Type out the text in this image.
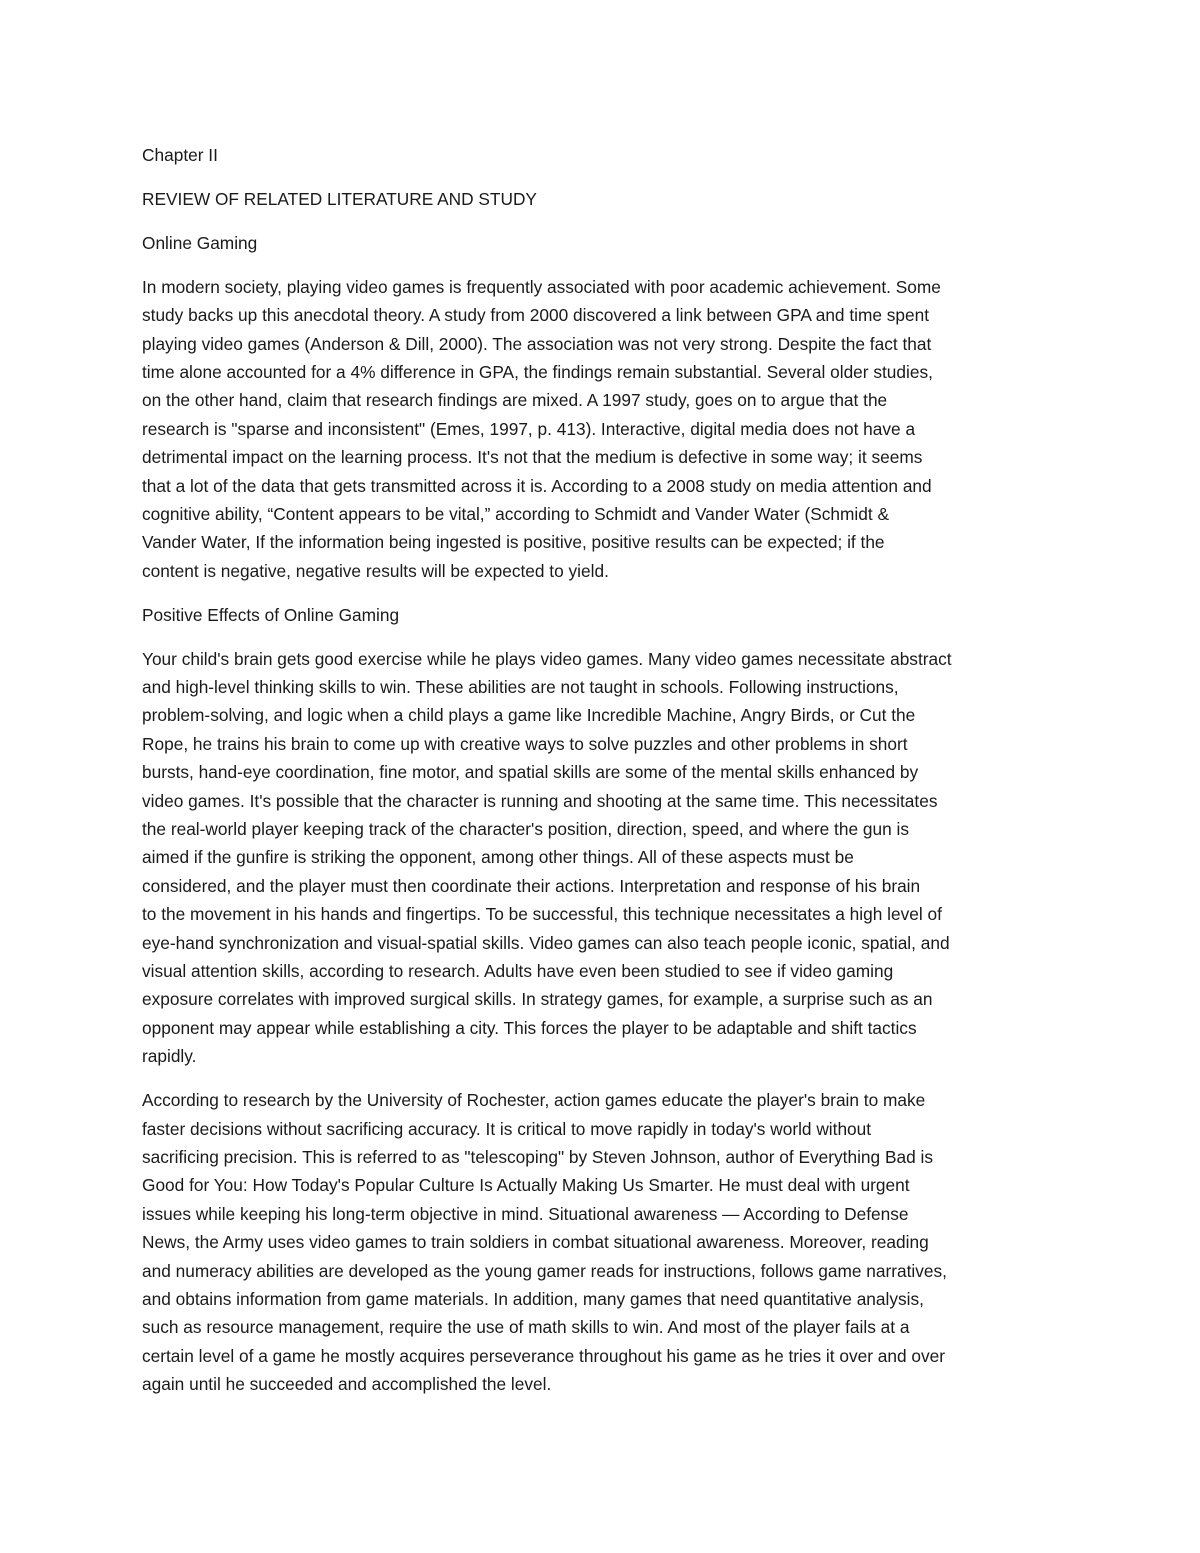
Chapter II
REVIEW OF RELATED LITERATURE AND STUDY
Online Gaming
In modern society, playing video games is frequently associated with poor academic achievement. Some
study backs up this anecdotal theory. A study from 2000 discovered a link between GPA and time spent
playing video games (Anderson & Dill, 2000). The association was not very strong. Despite the fact that
time alone accounted for a 4% difference in GPA, the findings remain substantial. Several older studies,
on the other hand, claim that research findings are mixed. A 1997 study, goes on to argue that the
research is "sparse and inconsistent" (Emes, 1997, p. 413). Interactive, digital media does not have a
detrimental impact on the learning process. It's not that the medium is defective in some way; it seems
that a lot of the data that gets transmitted across it is. According to a 2008 study on media attention and
cognitive ability, “Content appears to be vital,” according to Schmidt and Vander Water (Schmidt &
Vander Water, If the information being ingested is positive, positive results can be expected; if the
content is negative, negative results will be expected to yield.
Positive Effects of Online Gaming
Your child's brain gets good exercise while he plays video games. Many video games necessitate abstract
and high-level thinking skills to win. These abilities are not taught in schools. Following instructions,
problem-solving, and logic when a child plays a game like Incredible Machine, Angry Birds, or Cut the
Rope, he trains his brain to come up with creative ways to solve puzzles and other problems in short
bursts, hand-eye coordination, fine motor, and spatial skills are some of the mental skills enhanced by
video games. It's possible that the character is running and shooting at the same time. This necessitates
the real-world player keeping track of the character's position, direction, speed, and where the gun is
aimed if the gunfire is striking the opponent, among other things. All of these aspects must be
considered, and the player must then coordinate their actions. Interpretation and response of his brain
to the movement in his hands and fingertips. To be successful, this technique necessitates a high level of
eye-hand synchronization and visual-spatial skills. Video games can also teach people iconic, spatial, and
visual attention skills, according to research. Adults have even been studied to see if video gaming
exposure correlates with improved surgical skills. In strategy games, for example, a surprise such as an
opponent may appear while establishing a city. This forces the player to be adaptable and shift tactics
rapidly.
According to research by the University of Rochester, action games educate the player's brain to make
faster decisions without sacrificing accuracy. It is critical to move rapidly in today's world without
sacrificing precision. This is referred to as "telescoping" by Steven Johnson, author of Everything Bad is
Good for You: How Today's Popular Culture Is Actually Making Us Smarter. He must deal with urgent
issues while keeping his long-term objective in mind. Situational awareness — According to Defense
News, the Army uses video games to train soldiers in combat situational awareness. Moreover, reading
and numeracy abilities are developed as the young gamer reads for instructions, follows game narratives,
and obtains information from game materials. In addition, many games that need quantitative analysis,
such as resource management, require the use of math skills to win. And most of the player fails at a
certain level of a game he mostly acquires perseverance throughout his game as he tries it over and over
again until he succeeded and accomplished the level.
